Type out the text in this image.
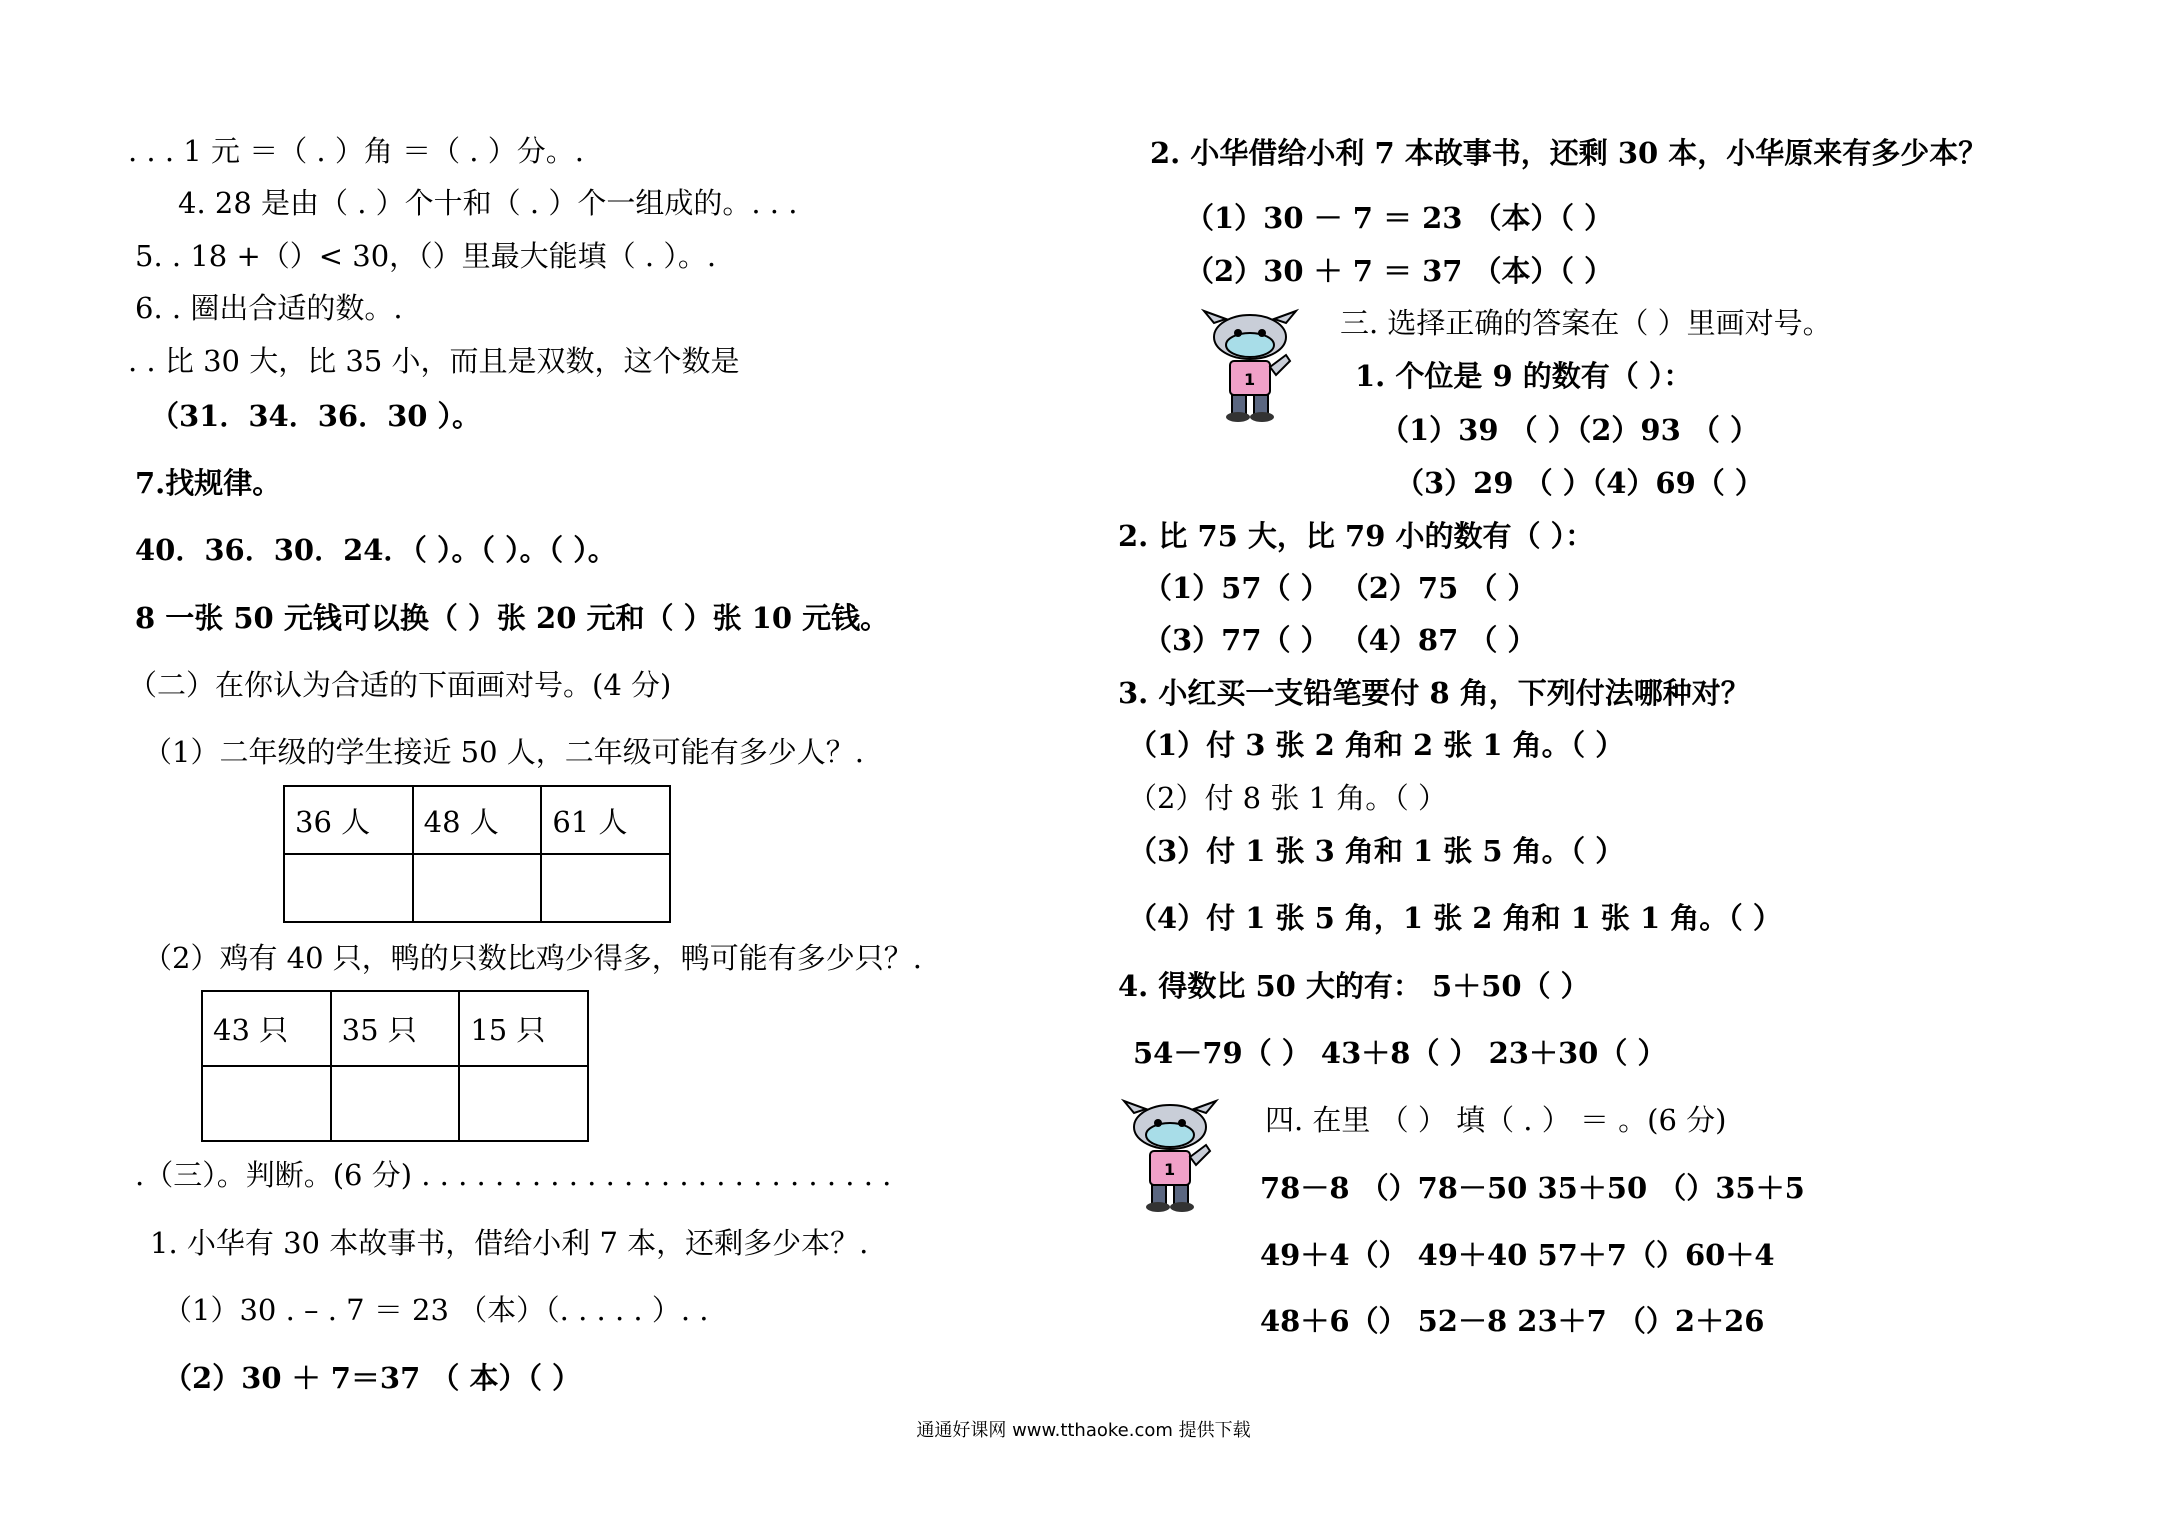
. . . 1 元 ＝（ . ）角 ＝（ . ）分。.
4. 28 是由（ . ）个十和（ . ）个一组成的。. . .
5. . 18 +（）< 30，（）里最大能填（ . ）。.
6. . 圈出合适的数。.
. . 比 30 大，比 35 小，而且是双数，这个数是
（31．34．36．30 ）。
7.找规律。
40．36．30．24．（ ）。（ ）。（ ）。
8 一张 50 元钱可以换（ ）张 20 元和（ ）张 10 元钱。
（二）在你认为合适的下面画对号。(4 分)
（1）二年级的学生接近 50 人，二年级可能有多少人？.
36 人	48 人	61 人

（2）鸡有 40 只，鸭的只数比鸡少得多，鸭可能有多少只？.
43 只	35 只	15 只

.（三）。判断。(6 分) . . . . . . . . . . . . . . . . . . . . . . . . . .
1. 小华有 30 本故事书，借给小利 7 本，还剩多少本？.
（1）30 . – . 7 ＝ 23 （本）（. . . . . ）. .
（2）30 ＋ 7＝37 （ 本）（ ）
2. 小华借给小利 7 本故事书，还剩 30 本，小华原来有多少本？
（1）30 － 7 ＝ 23 （本）（ ）
（2）30 ＋ 7 ＝ 37 （本）（ ）
1
三. 选择正确的答案在（ ）里画对号。
1. 个位是 9 的数有（ ）：
（1）39 （ ）（2）93 （ ）
（3）29 （ ）（4）69（ ）
2. 比 75 大，比 79 小的数有（ ）：
（1）57（ ） （2）75 （ ）
（3）77（ ） （4）87 （ ）
3. 小红买一支铅笔要付 8 角，下列付法哪种对？
（1）付 3 张 2 角和 2 张 1 角。（ ）
（2）付 8 张 1 角。（ ）
（3）付 1 张 3 角和 1 张 5 角。（ ）
（4）付 1 张 5 角，1 张 2 角和 1 张 1 角。（ ）
4. 得数比 50 大的有： 5＋50（ ）
54－79（ ） 43＋8（ ） 23＋30（ ）
1
四. 在里 （ ） 填（ . ） ＝ 。(6 分)
78－8 （）78－50 35＋50 （）35＋5
49＋4（） 49＋40 57＋7（）60＋4
48＋6（） 52－8 23＋7 （）2＋26
通通好课网 www.tthaoke.com 提供下载
